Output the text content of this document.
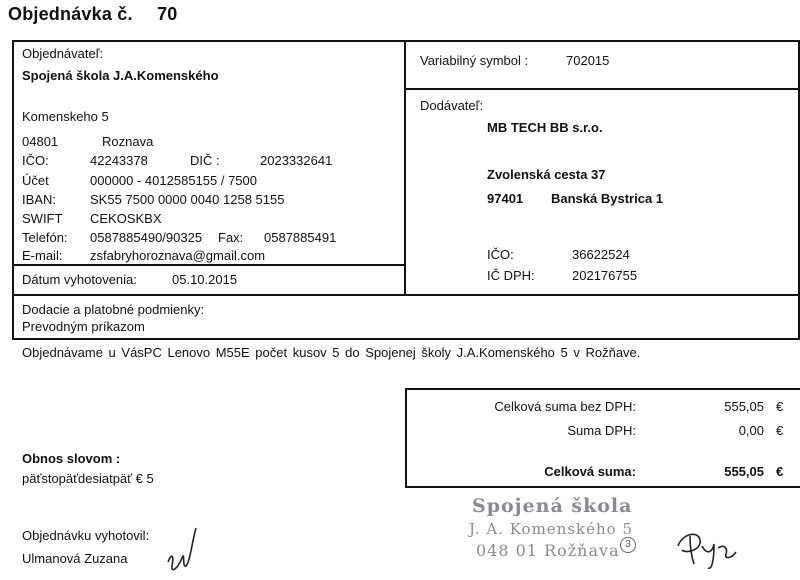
Objednávka č. 70
Objednávateľ:
Spojená škola J.A.Komenského
Komenskeho 5
04801	Roznava
IČO:	42243378	DIČ :	2023332641
Účet	000000 - 4012585155 / 7500
IBAN:	SK55 7500 0000 0040 1258 5155
SWIFT CEKOSKBX
Telefón: 0587885490/90325 Fax: 0587885491
E-mail: zsfabryhoroznava@gmail.com
Variabilný symbol :	702015
Dodávateľ:
MB TECH BB s.r.o.
Zvolenská cesta 37
97401 Banská Bystrica 1
IČO:	36622524
IČ DPH:	202176755
Dátum vyhotovenia:	05.10.2015
Dodacie a platobné podmienky:
Prevodným príkazom
Objednávame u VásPC Lenovo M55E počet kusov 5 do Spojenej školy J.A.Komenského 5 v Rožňave.
Celková suma bez DPH:	555,05 €
Suma DPH:	0,00 €
Celková suma:	555,05 €
Obnos slovom :
päťstopäťdesiatpäť € 5
Objednávku vyhotovil:
Ulmanová Zuzana
Spojená škola
J. A. Komenského 5
048 01 Rožňava 3
